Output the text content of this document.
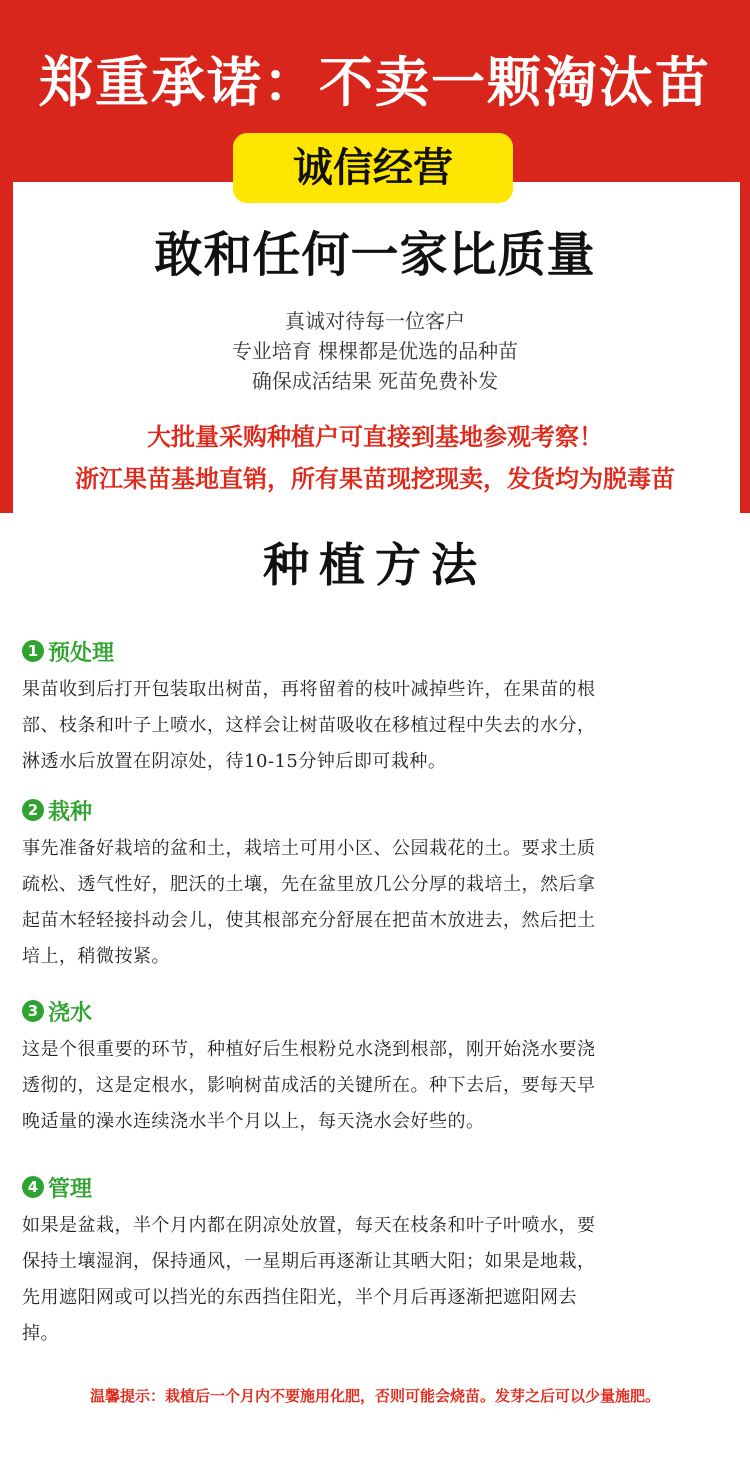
郑重承诺：不卖一颗淘汰苗
诚信经营
敢和任何一家比质量
真诚对待每一位客户
专业培育 棵棵都是优选的品种苗
确保成活结果 死苗免费补发
大批量采购种植户可直接到基地参观考察！
浙江果苗基地直销，所有果苗现挖现卖，发货均为脱毒苗
种植方法
1 预处理
果苗收到后打开包装取出树苗，再将留着的枝叶减掉些许，在果苗的根
部、枝条和叶子上喷水，这样会让树苗吸收在移植过程中失去的水分，
淋透水后放置在阴凉处，待10-15分钟后即可栽种。
2 栽种
事先准备好栽培的盆和土，栽培土可用小区、公园栽花的土。要求土质
疏松、透气性好，肥沃的土壤，先在盆里放几公分厚的栽培土，然后拿
起苗木轻轻接抖动会儿，使其根部充分舒展在把苗木放进去，然后把土
培上，稍微按紧。
3 浇水
这是个很重要的环节，种植好后生根粉兑水浇到根部，刚开始浇水要浇
透彻的，这是定根水，影响树苗成活的关键所在。种下去后，要每天早
晚适量的澡水连续浇水半个月以上，每天浇水会好些的。
4 管理
如果是盆栽，半个月内都在阴凉处放置，每天在枝条和叶子叶喷水，要
保持土壤湿润，保持通风，一星期后再逐渐让其晒大阳；如果是地栽，
先用遮阳网或可以挡光的东西挡住阳光，半个月后再逐渐把遮阳网去
掉。
温馨提示：栽植后一个月内不要施用化肥，否则可能会烧苗。发芽之后可以少量施肥。
